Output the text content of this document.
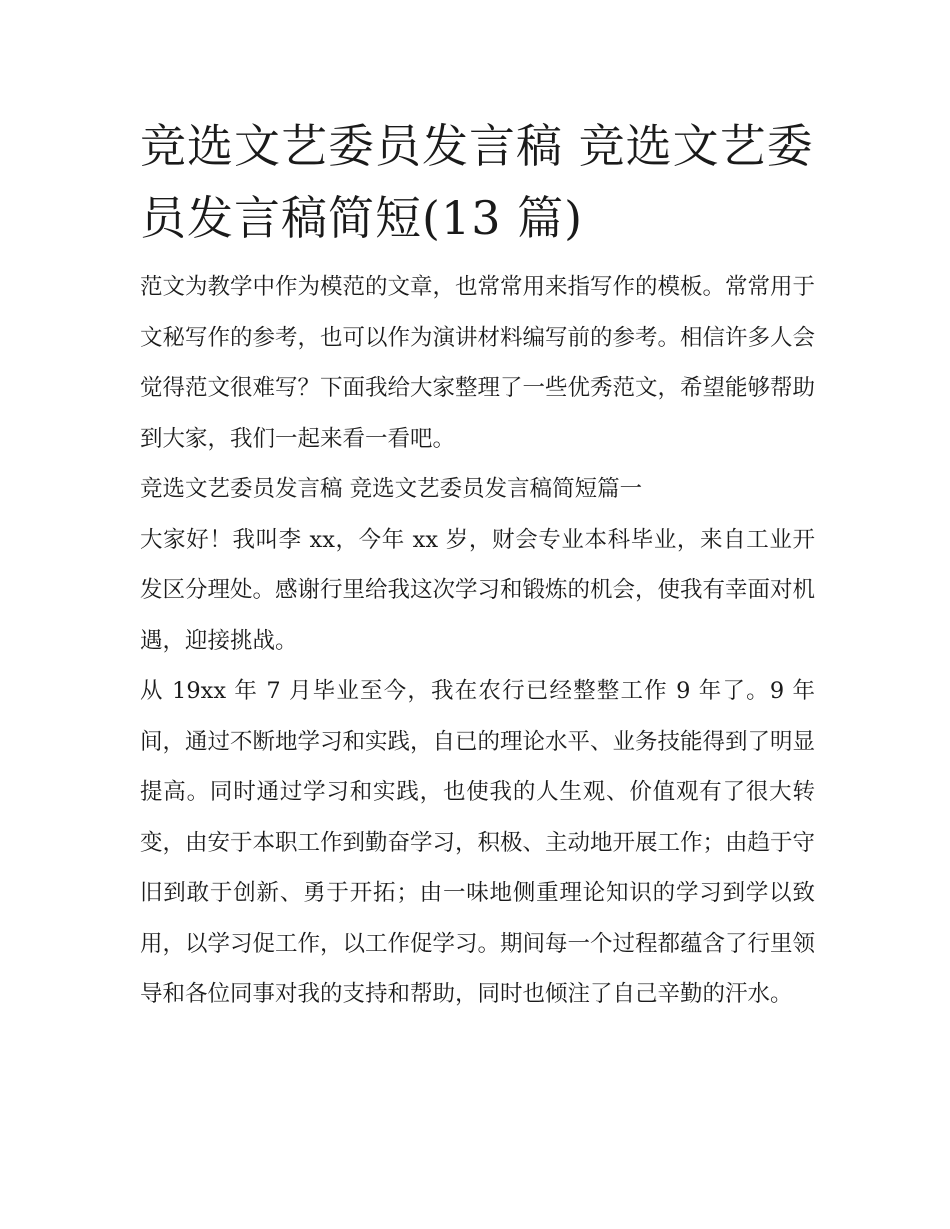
竞选文艺委员发言稿 竞选文艺委员发言稿简短(13 篇)

范文为教学中作为模范的文章，也常常用来指写作的模板。常常用于文秘写作的参考，也可以作为演讲材料编写前的参考。相信许多人会觉得范文很难写？下面我给大家整理了一些优秀范文，希望能够帮助到大家，我们一起来看一看吧。

竞选文艺委员发言稿 竞选文艺委员发言稿简短篇一

大家好！我叫李 xx，今年 xx 岁，财会专业本科毕业，来自工业开发区分理处。感谢行里给我这次学习和锻炼的机会，使我有幸面对机遇，迎接挑战。

从 19xx 年 7 月毕业至今，我在农行已经整整工作 9 年了。9 年间，通过不断地学习和实践，自已的理论水平、业务技能得到了明显提高。同时通过学习和实践，也使我的人生观、价值观有了很大转变，由安于本职工作到勤奋学习，积极、主动地开展工作；由趋于守旧到敢于创新、勇于开拓；由一味地侧重理论知识的学习到学以致用，以学习促工作，以工作促学习。期间每一个过程都蕴含了行里领导和各位同事对我的支持和帮助，同时也倾注了自己辛勤的汗水。
